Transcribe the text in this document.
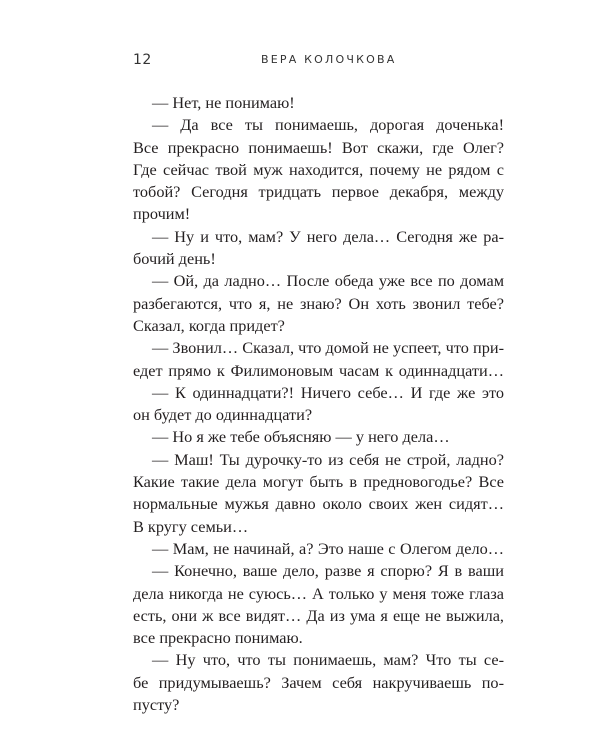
12	ВЕРА КОЛОЧКОВА
— Нет, не понимаю!
— Да все ты понимаешь, дорогая доченька!
Все прекрасно понимаешь! Вот скажи, где Олег?
Где сейчас твой муж находится, почему не рядом с
тобой? Сегодня тридцать первое декабря, между
прочим!
— Ну и что, мам? У него дела… Сегодня же ра-
бочий день!
— Ой, да ладно… После обеда уже все по домам
разбегаются, что я, не знаю? Он хоть звонил тебе?
Сказал, когда придет?
— Звонил… Сказал, что домой не успеет, что при-
едет прямо к Филимоновым часам к одиннадцати…
— К одиннадцати?! Ничего себе… И где же это
он будет до одиннадцати?
— Но я же тебе объясняю — у него дела…
— Маш! Ты дурочку-то из себя не строй, ладно?
Какие такие дела могут быть в предновогодье? Все
нормальные мужья давно около своих жен сидят…
В кругу семьи…
— Мам, не начинай, а? Это наше с Олегом дело…
— Конечно, ваше дело, разве я спорю? Я в ваши
дела никогда не суюсь… А только у меня тоже глаза
есть, они ж все видят… Да из ума я еще не выжила,
все прекрасно понимаю.
— Ну что, что ты понимаешь, мам? Что ты се-
бе придумываешь? Зачем себя накручиваешь по-
пусту?
